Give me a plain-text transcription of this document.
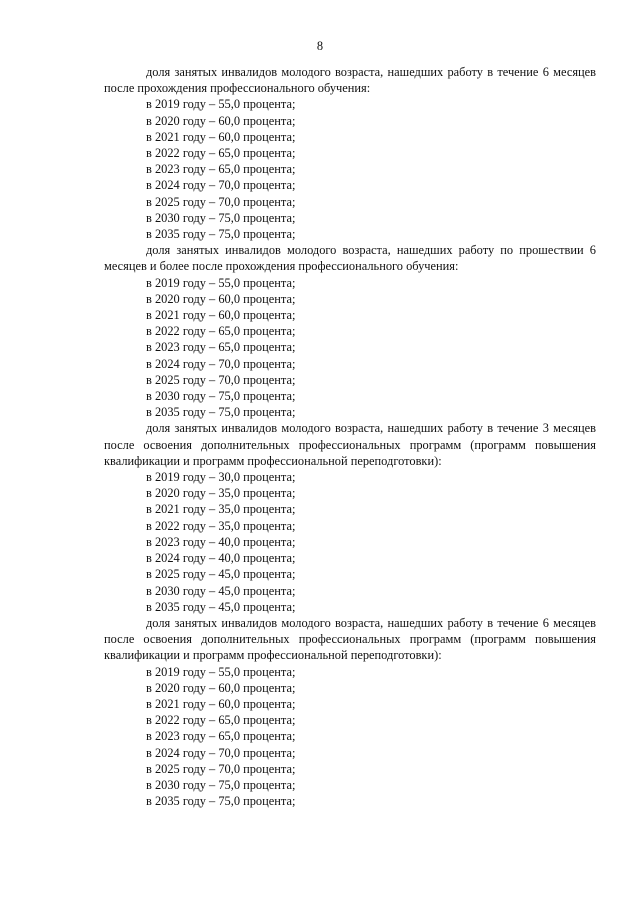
8

доля занятых инвалидов молодого возраста, нашедших работу в течение 6 месяцев после прохождения профессионального обучения:

в 2019 году – 55,0 процента;

в 2020 году – 60,0 процента;

в 2021 году – 60,0 процента;

в 2022 году – 65,0 процента;

в 2023 году – 65,0 процента;

в 2024 году – 70,0 процента;

в 2025 году – 70,0 процента;

в 2030 году – 75,0 процента;

в 2035 году – 75,0 процента;

доля занятых инвалидов молодого возраста, нашедших работу по прошествии 6 месяцев и более после прохождения профессионального обучения:

в 2019 году – 55,0 процента;

в 2020 году – 60,0 процента;

в 2021 году – 60,0 процента;

в 2022 году – 65,0 процента;

в 2023 году – 65,0 процента;

в 2024 году – 70,0 процента;

в 2025 году – 70,0 процента;

в 2030 году – 75,0 процента;

в 2035 году – 75,0 процента;

доля занятых инвалидов молодого возраста, нашедших работу в течение 3 месяцев после освоения дополнительных профессиональных программ (программ повышения квалификации и программ профессиональной переподготовки):

в 2019 году – 30,0 процента;

в 2020 году – 35,0 процента;

в 2021 году – 35,0 процента;

в 2022 году – 35,0 процента;

в 2023 году – 40,0 процента;

в 2024 году – 40,0 процента;

в 2025 году – 45,0 процента;

в 2030 году – 45,0 процента;

в 2035 году – 45,0 процента;

доля занятых инвалидов молодого возраста, нашедших работу в течение 6 месяцев после освоения дополнительных профессиональных программ (программ повышения квалификации и программ профессиональной переподготовки):

в 2019 году – 55,0 процента;

в 2020 году – 60,0 процента;

в 2021 году – 60,0 процента;

в 2022 году – 65,0 процента;

в 2023 году – 65,0 процента;

в 2024 году – 70,0 процента;

в 2025 году – 70,0 процента;

в 2030 году – 75,0 процента;

в 2035 году – 75,0 процента;
